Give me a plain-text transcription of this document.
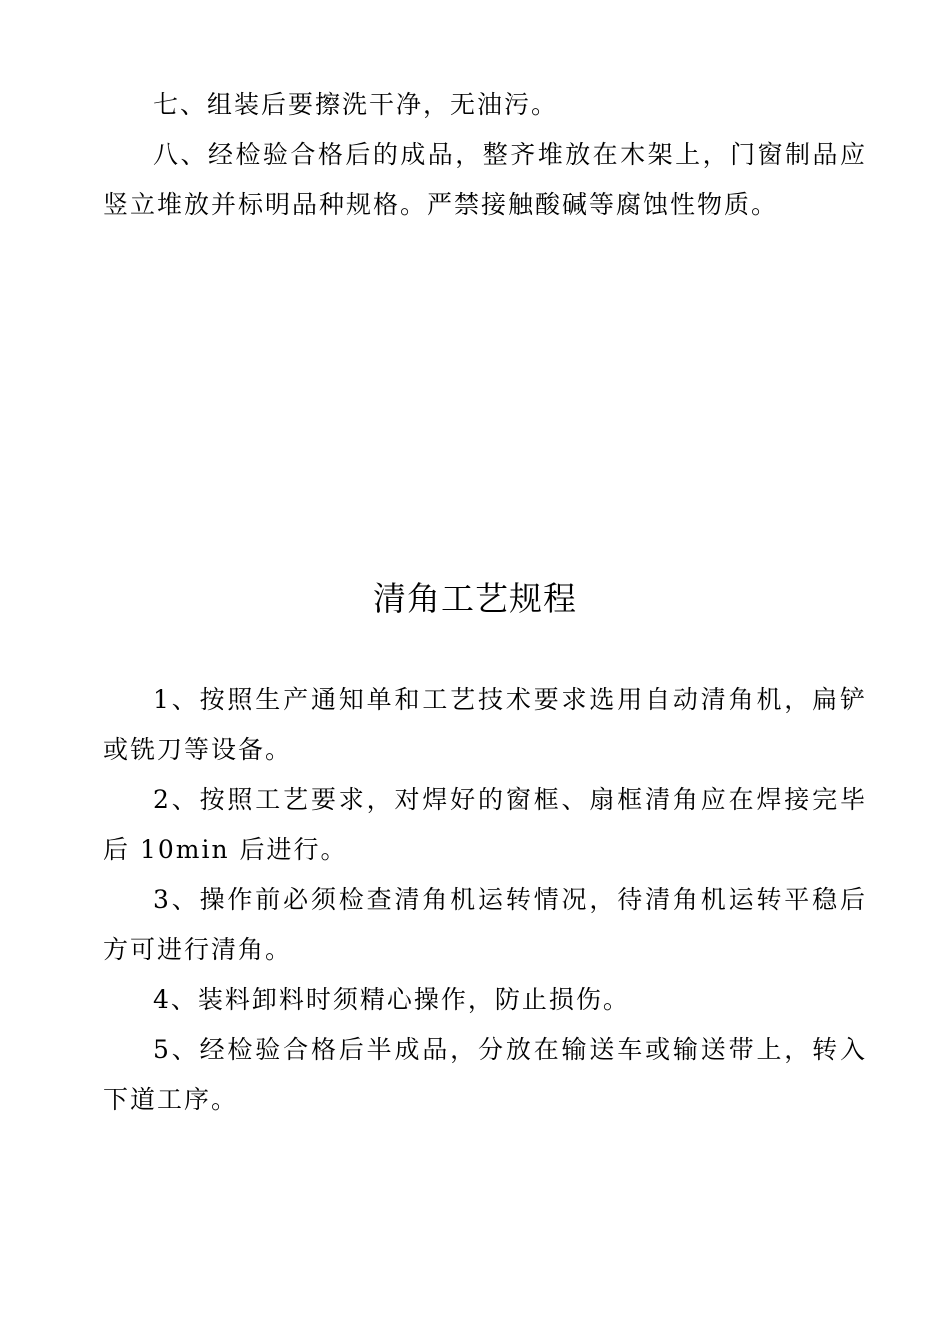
七、组装后要擦洗干净，无油污。

八、经检验合格后的成品，整齐堆放在木架上，门窗制品应竖立堆放并标明品种规格。严禁接触酸碱等腐蚀性物质。

清角工艺规程

1、按照生产通知单和工艺技术要求选用自动清角机，扁铲或铣刀等设备。

2、按照工艺要求，对焊好的窗框、扇框清角应在焊接完毕后 10min 后进行。

3、操作前必须检查清角机运转情况，待清角机运转平稳后方可进行清角。

4、装料卸料时须精心操作，防止损伤。

5、经检验合格后半成品，分放在输送车或输送带上，转入下道工序。
